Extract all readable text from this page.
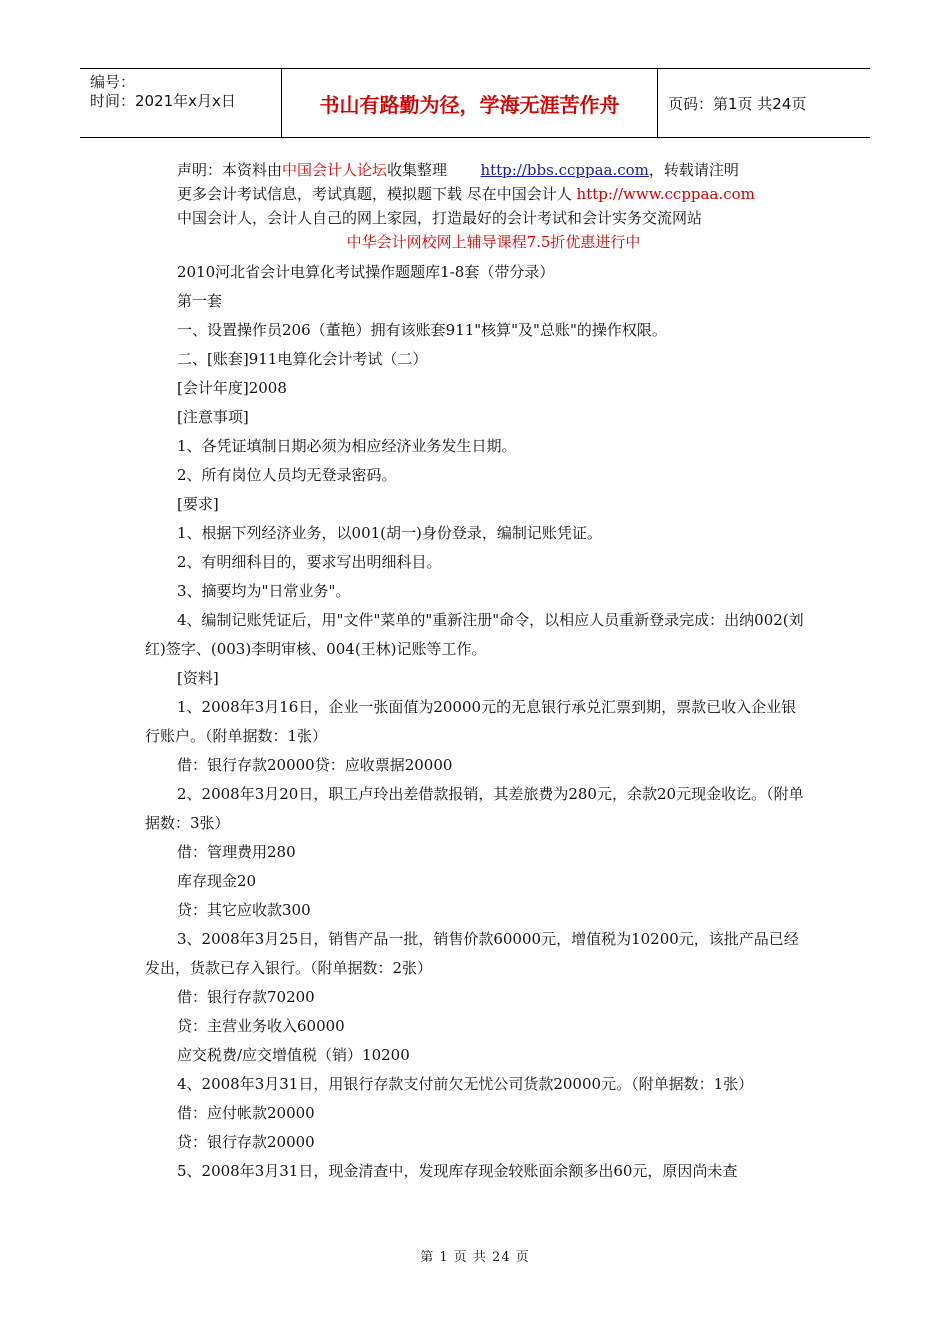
编号：
时间：2021年x月x日	书山有路勤为径，学海无涯苦作舟	页码：第1页 共24页

声明：本资料由中国会计人论坛收集整理 http://bbs.ccppaa.com，转载请注明

更多会计考试信息，考试真题，模拟题下载 尽在中国会计人 http://www.ccppaa.com

中国会计人，会计人自己的网上家园，打造最好的会计考试和会计实务交流网站

中华会计网校网上辅导课程7.5折优惠进行中

2010河北省会计电算化考试操作题题库1-8套（带分录）

第一套

一、设置操作员206（董艳）拥有该账套911"核算"及"总账"的操作权限。

二、[账套]911电算化会计考试（二）

[会计年度]2008

[注意事项]

1、各凭证填制日期必须为相应经济业务发生日期。

2、所有岗位人员均无登录密码。

[要求]

1、根据下列经济业务，以001(胡一)身份登录，编制记账凭证。

2、有明细科目的，要求写出明细科目。

3、摘要均为"日常业务"。

4、编制记账凭证后，用"文件"菜单的"重新注册"命令，以相应人员重新登录完成：出纳002(刘红)签字、(003)李明审核、004(王林)记账等工作。

[资料]

1、2008年3月16日，企业一张面值为20000元的无息银行承兑汇票到期，票款已收入企业银行账户。（附单据数：1张）

借：银行存款20000贷：应收票据20000

2、2008年3月20日，职工卢玲出差借款报销，其差旅费为280元，余款20元现金收讫。（附单据数：3张）

借：管理费用280

库存现金20

贷：其它应收款300

3、2008年3月25日，销售产品一批，销售价款60000元，增值税为10200元，该批产品已经发出，货款已存入银行。（附单据数：2张）

借：银行存款70200

贷：主营业务收入60000

应交税费/应交增值税（销）10200

4、2008年3月31日，用银行存款支付前欠无忧公司货款20000元。（附单据数：1张）

借：应付帐款20000

贷：银行存款20000

5、2008年3月31日，现金清查中，发现库存现金较账面余额多出60元，原因尚未查

第 1 页 共 24 页
